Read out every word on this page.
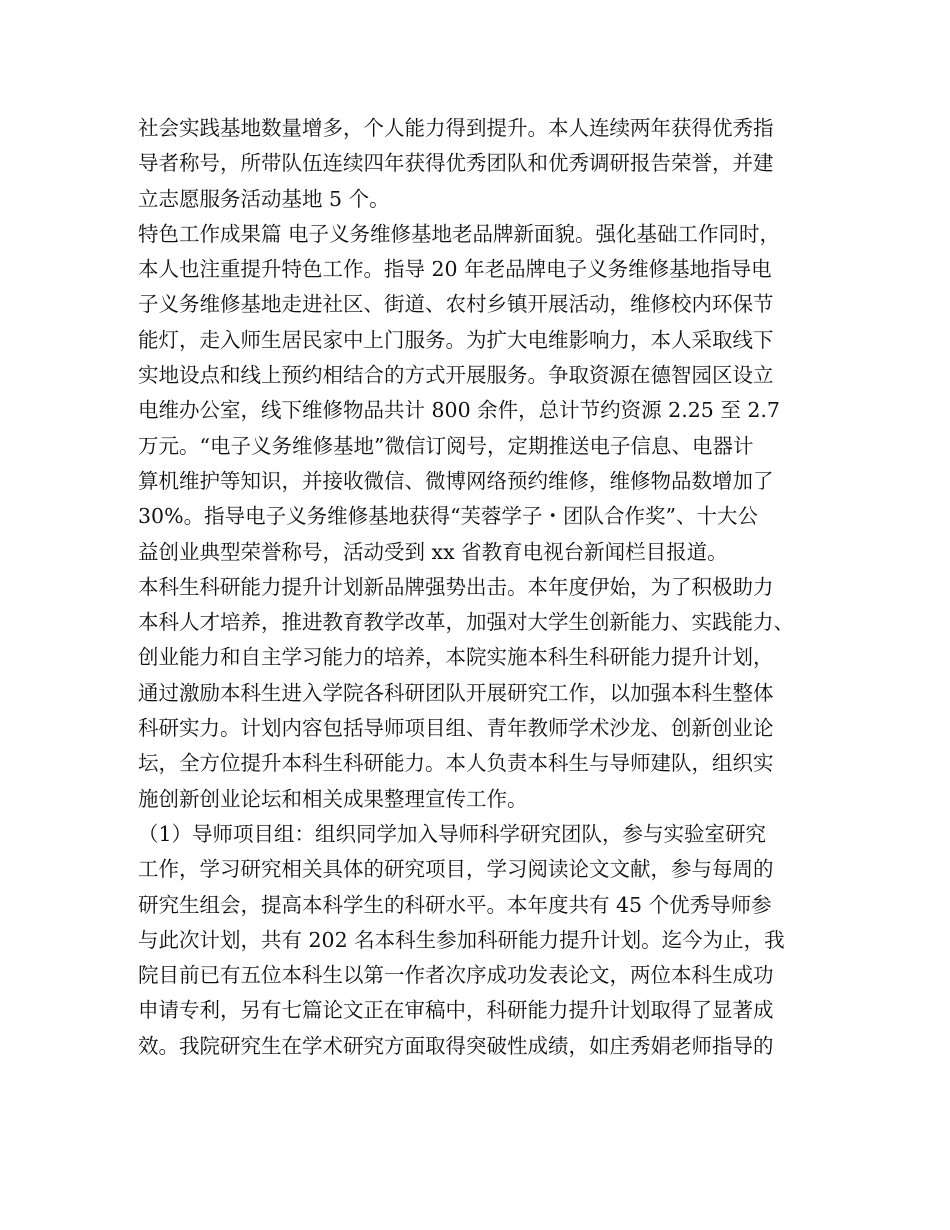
社会实践基地数量增多，个人能力得到提升。本人连续两年获得优秀指
导者称号，所带队伍连续四年获得优秀团队和优秀调研报告荣誉，并建
立志愿服务活动基地 5 个。
特色工作成果篇 电子义务维修基地老品牌新面貌。强化基础工作同时，
本人也注重提升特色工作。指导 20 年老品牌电子义务维修基地指导电
子义务维修基地走进社区、街道、农村乡镇开展活动，维修校内环保节
能灯，走入师生居民家中上门服务。为扩大电维影响力，本人采取线下
实地设点和线上预约相结合的方式开展服务。争取资源在德智园区设立
电维办公室，线下维修物品共计 800 余件，总计节约资源 2.25 至 2.7
万元。“电子义务维修基地”微信订阅号，定期推送电子信息、电器计
算机维护等知识，并接收微信、微博网络预约维修，维修物品数增加了
30%。指导电子义务维修基地获得“芙蓉学子・团队合作奖”、十大公
益创业典型荣誉称号，活动受到 xx 省教育电视台新闻栏目报道。
本科生科研能力提升计划新品牌强势出击。本年度伊始，为了积极助力
本科人才培养，推进教育教学改革，加强对大学生创新能力、实践能力、
创业能力和自主学习能力的培养，本院实施本科生科研能力提升计划，
通过激励本科生进入学院各科研团队开展研究工作，以加强本科生整体
科研实力。计划内容包括导师项目组、青年教师学术沙龙、创新创业论
坛，全方位提升本科生科研能力。本人负责本科生与导师建队，组织实
施创新创业论坛和相关成果整理宣传工作。
（1）导师项目组：组织同学加入导师科学研究团队，参与实验室研究
工作，学习研究相关具体的研究项目，学习阅读论文文献，参与每周的
研究生组会，提高本科学生的科研水平。本年度共有 45 个优秀导师参
与此次计划，共有 202 名本科生参加科研能力提升计划。迄今为止，我
院目前已有五位本科生以第一作者次序成功发表论文，两位本科生成功
申请专利，另有七篇论文正在审稿中，科研能力提升计划取得了显著成
效。我院研究生在学术研究方面取得突破性成绩，如庄秀娟老师指导的
